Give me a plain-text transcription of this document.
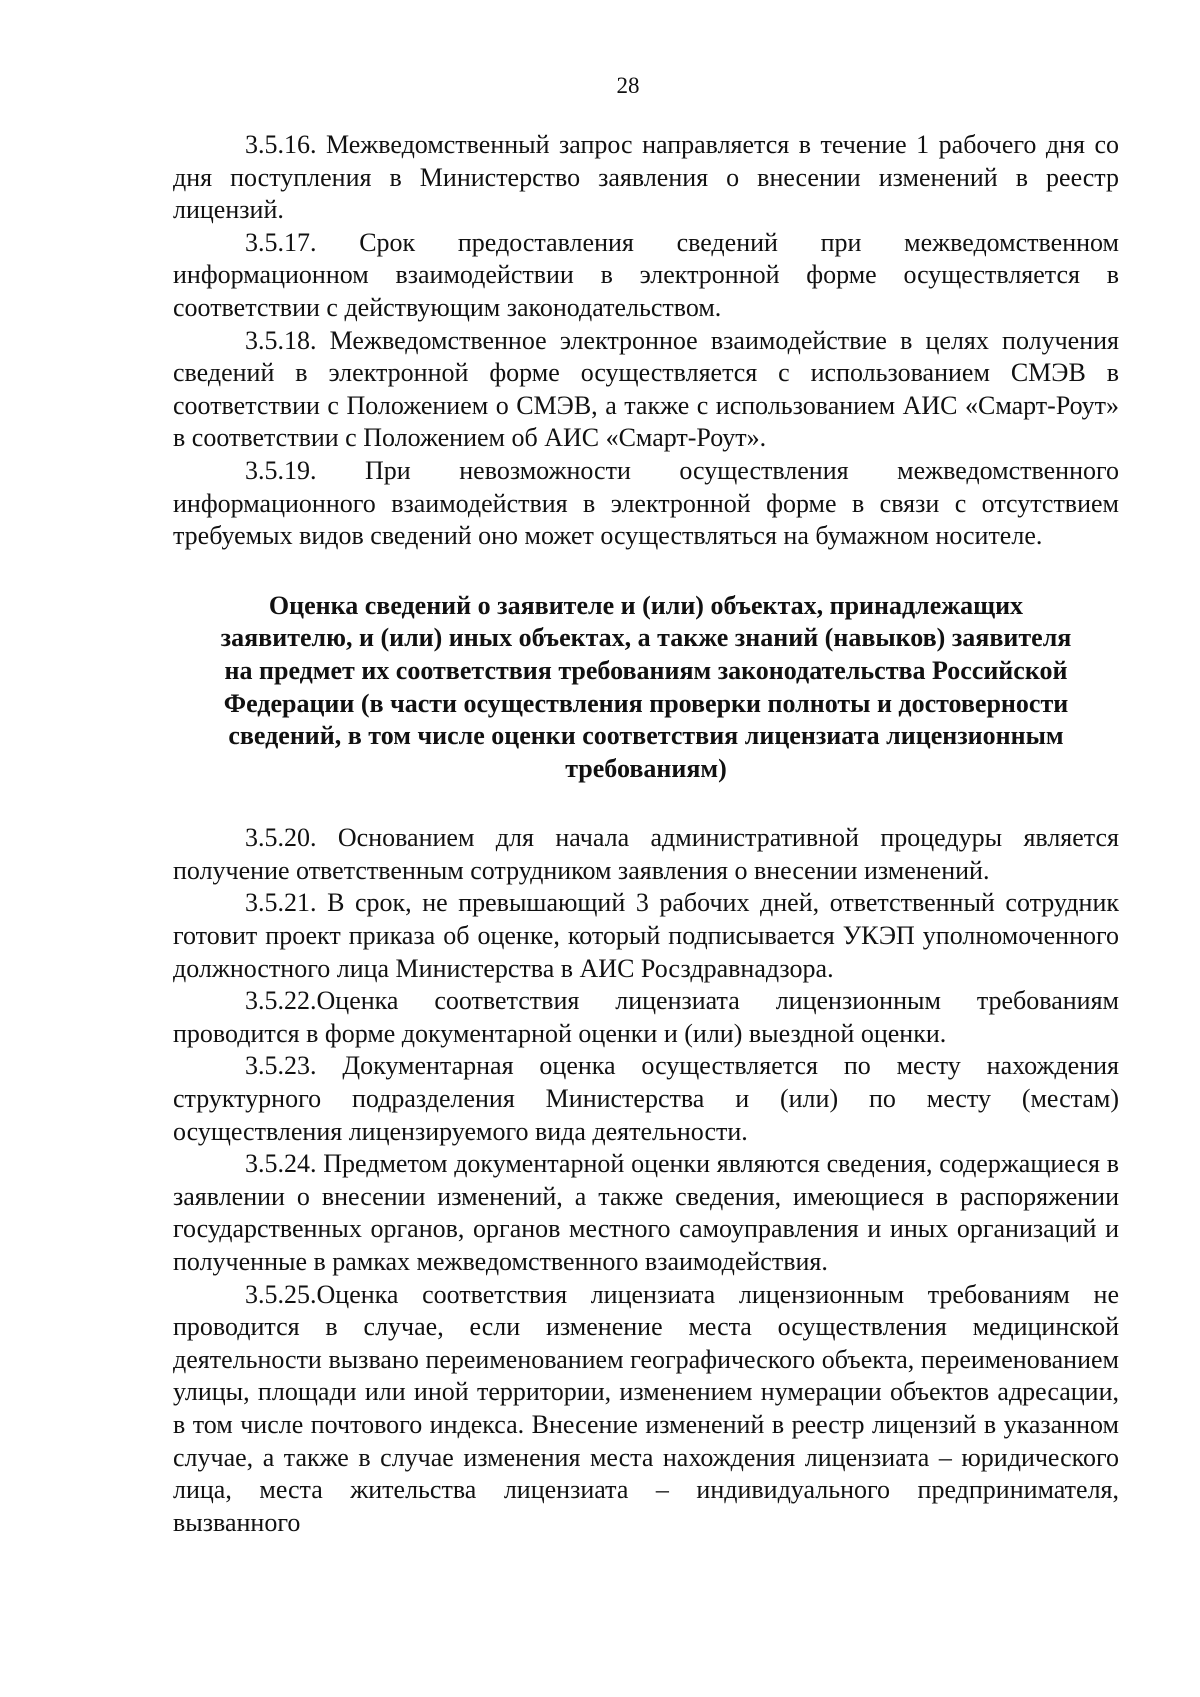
28

3.5.16. Межведомственный запрос направляется в течение 1 рабочего дня со дня поступления в Министерство заявления о внесении изменений в реестр лицензий.

3.5.17. Срок предоставления сведений при межведомственном информационном взаимодействии в электронной форме осуществляется в соответствии с действующим законодательством.

3.5.18. Межведомственное электронное взаимодействие в целях получения сведений в электронной форме осуществляется с использованием СМЭВ в соответствии с Положением о СМЭВ, а также с использованием АИС «Смарт-Роут» в соответствии с Положением об АИС «Смарт-Роут».

3.5.19. При невозможности осуществления межведомственного информационного взаимодействия в электронной форме в связи с отсутствием требуемых видов сведений оно может осуществляться на бумажном носителе.

Оценка сведений о заявителе и (или) объектах, принадлежащих
заявителю, и (или) иных объектах, а также знаний (навыков) заявителя
на предмет их соответствия требованиям законодательства Российской
Федерации (в части осуществления проверки полноты и достоверности
сведений, в том числе оценки соответствия лицензиата лицензионным
требованиям)

3.5.20. Основанием для начала административной процедуры является получение ответственным сотрудником заявления о внесении изменений.

3.5.21. В срок, не превышающий 3 рабочих дней, ответственный сотрудник готовит проект приказа об оценке, который подписывается УКЭП уполномоченного должностного лица Министерства в АИС Росздравнадзора.

3.5.22.Оценка соответствия лицензиата лицензионным требованиям проводится в форме документарной оценки и (или) выездной оценки.

3.5.23. Документарная оценка осуществляется по месту нахождения структурного подразделения Министерства и (или) по месту (местам) осуществления лицензируемого вида деятельности.

3.5.24. Предметом документарной оценки являются сведения, содержащиеся в заявлении о внесении изменений, а также сведения, имеющиеся в распоряжении государственных органов, органов местного самоуправления и иных организаций и полученные в рамках межведомственного взаимодействия.

3.5.25.Оценка соответствия лицензиата лицензионным требованиям не проводится в случае, если изменение места осуществления медицинской деятельности вызвано переименованием географического объекта, переименованием улицы, площади или иной территории, изменением нумерации объектов адресации, в том числе почтового индекса. Внесение изменений в реестр лицензий в указанном случае, а также в случае изменения места нахождения лицензиата – юридического лица, места жительства лицензиата – индивидуального предпринимателя, вызванного
